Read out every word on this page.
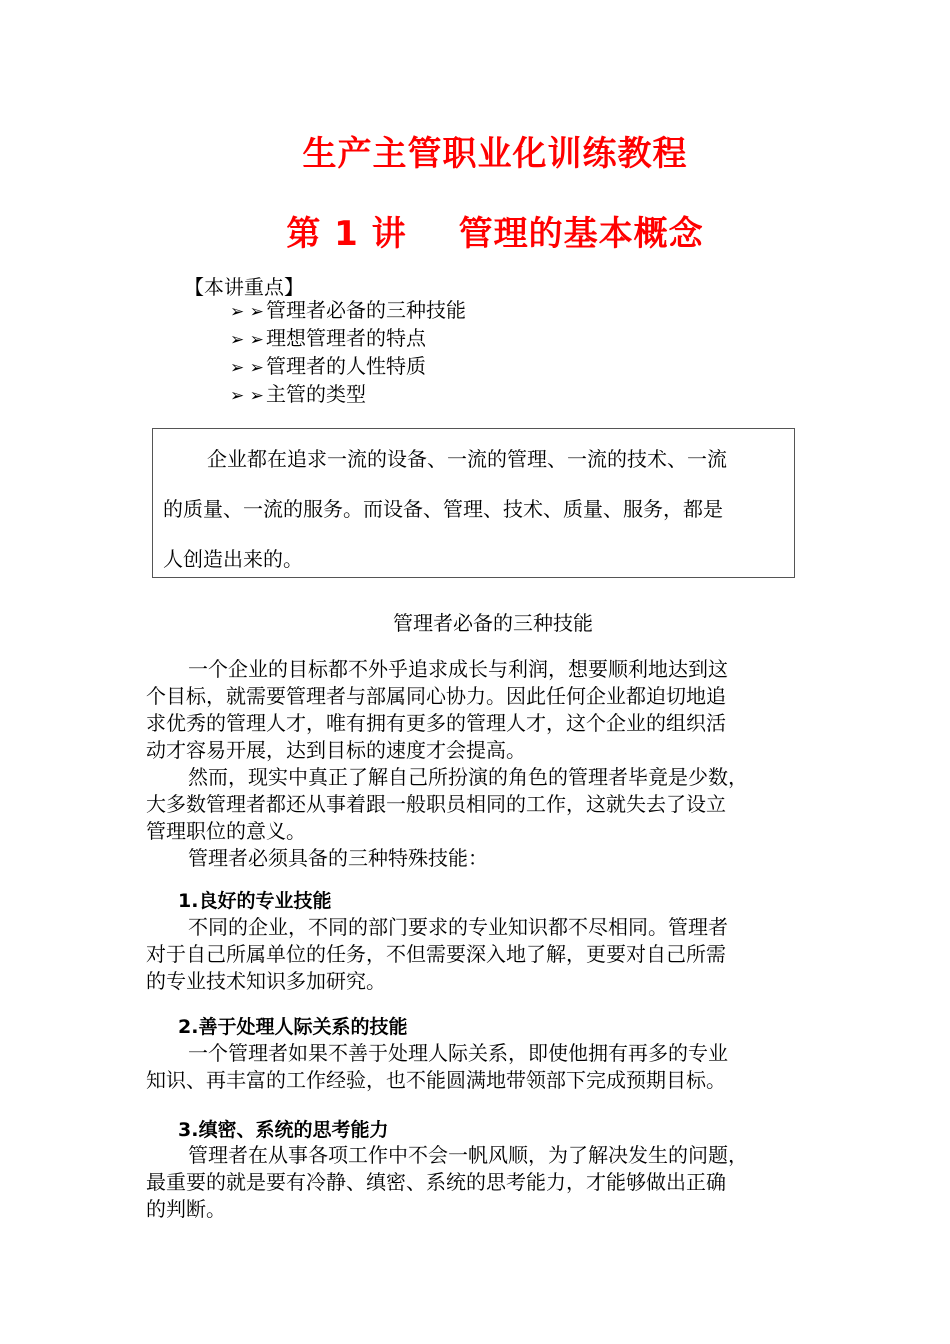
生产主管职业化训练教程
第 1 讲 管理的基本概念
【本讲重点】
➢ ➢ 管理者必备的三种技能
➢ ➢ 理想管理者的特点
➢ ➢ 管理者的人性特质
➢ ➢ 主管的类型

企业都在追求一流的设备、一流的管理、一流的技术、一流

的质量、一流的服务。而设备、管理、技术、质量、服务，都是

人创造出来的。

管理者必备的三种技能
一个企业的目标都不外乎追求成长与利润，想要顺利地达到这
个目标，就需要管理者与部属同心协力。因此任何企业都迫切地追
求优秀的管理人才，唯有拥有更多的管理人才，这个企业的组织活
动才容易开展，达到目标的速度才会提高。
然而，现实中真正了解自己所扮演的角色的管理者毕竟是少数，
大多数管理者都还从事着跟一般职员相同的工作，这就失去了设立
管理职位的意义。
管理者必须具备的三种特殊技能：
1.良好的专业技能
不同的企业，不同的部门要求的专业知识都不尽相同。管理者
对于自己所属单位的任务，不但需要深入地了解，更要对自己所需
的专业技术知识多加研究。
2.善于处理人际关系的技能
一个管理者如果不善于处理人际关系，即使他拥有再多的专业
知识、再丰富的工作经验，也不能圆满地带领部下完成预期目标。
3.缜密、系统的思考能力
管理者在从事各项工作中不会一帆风顺，为了解决发生的问题，
最重要的就是要有冷静、缜密、系统的思考能力，才能够做出正确
的判断。
